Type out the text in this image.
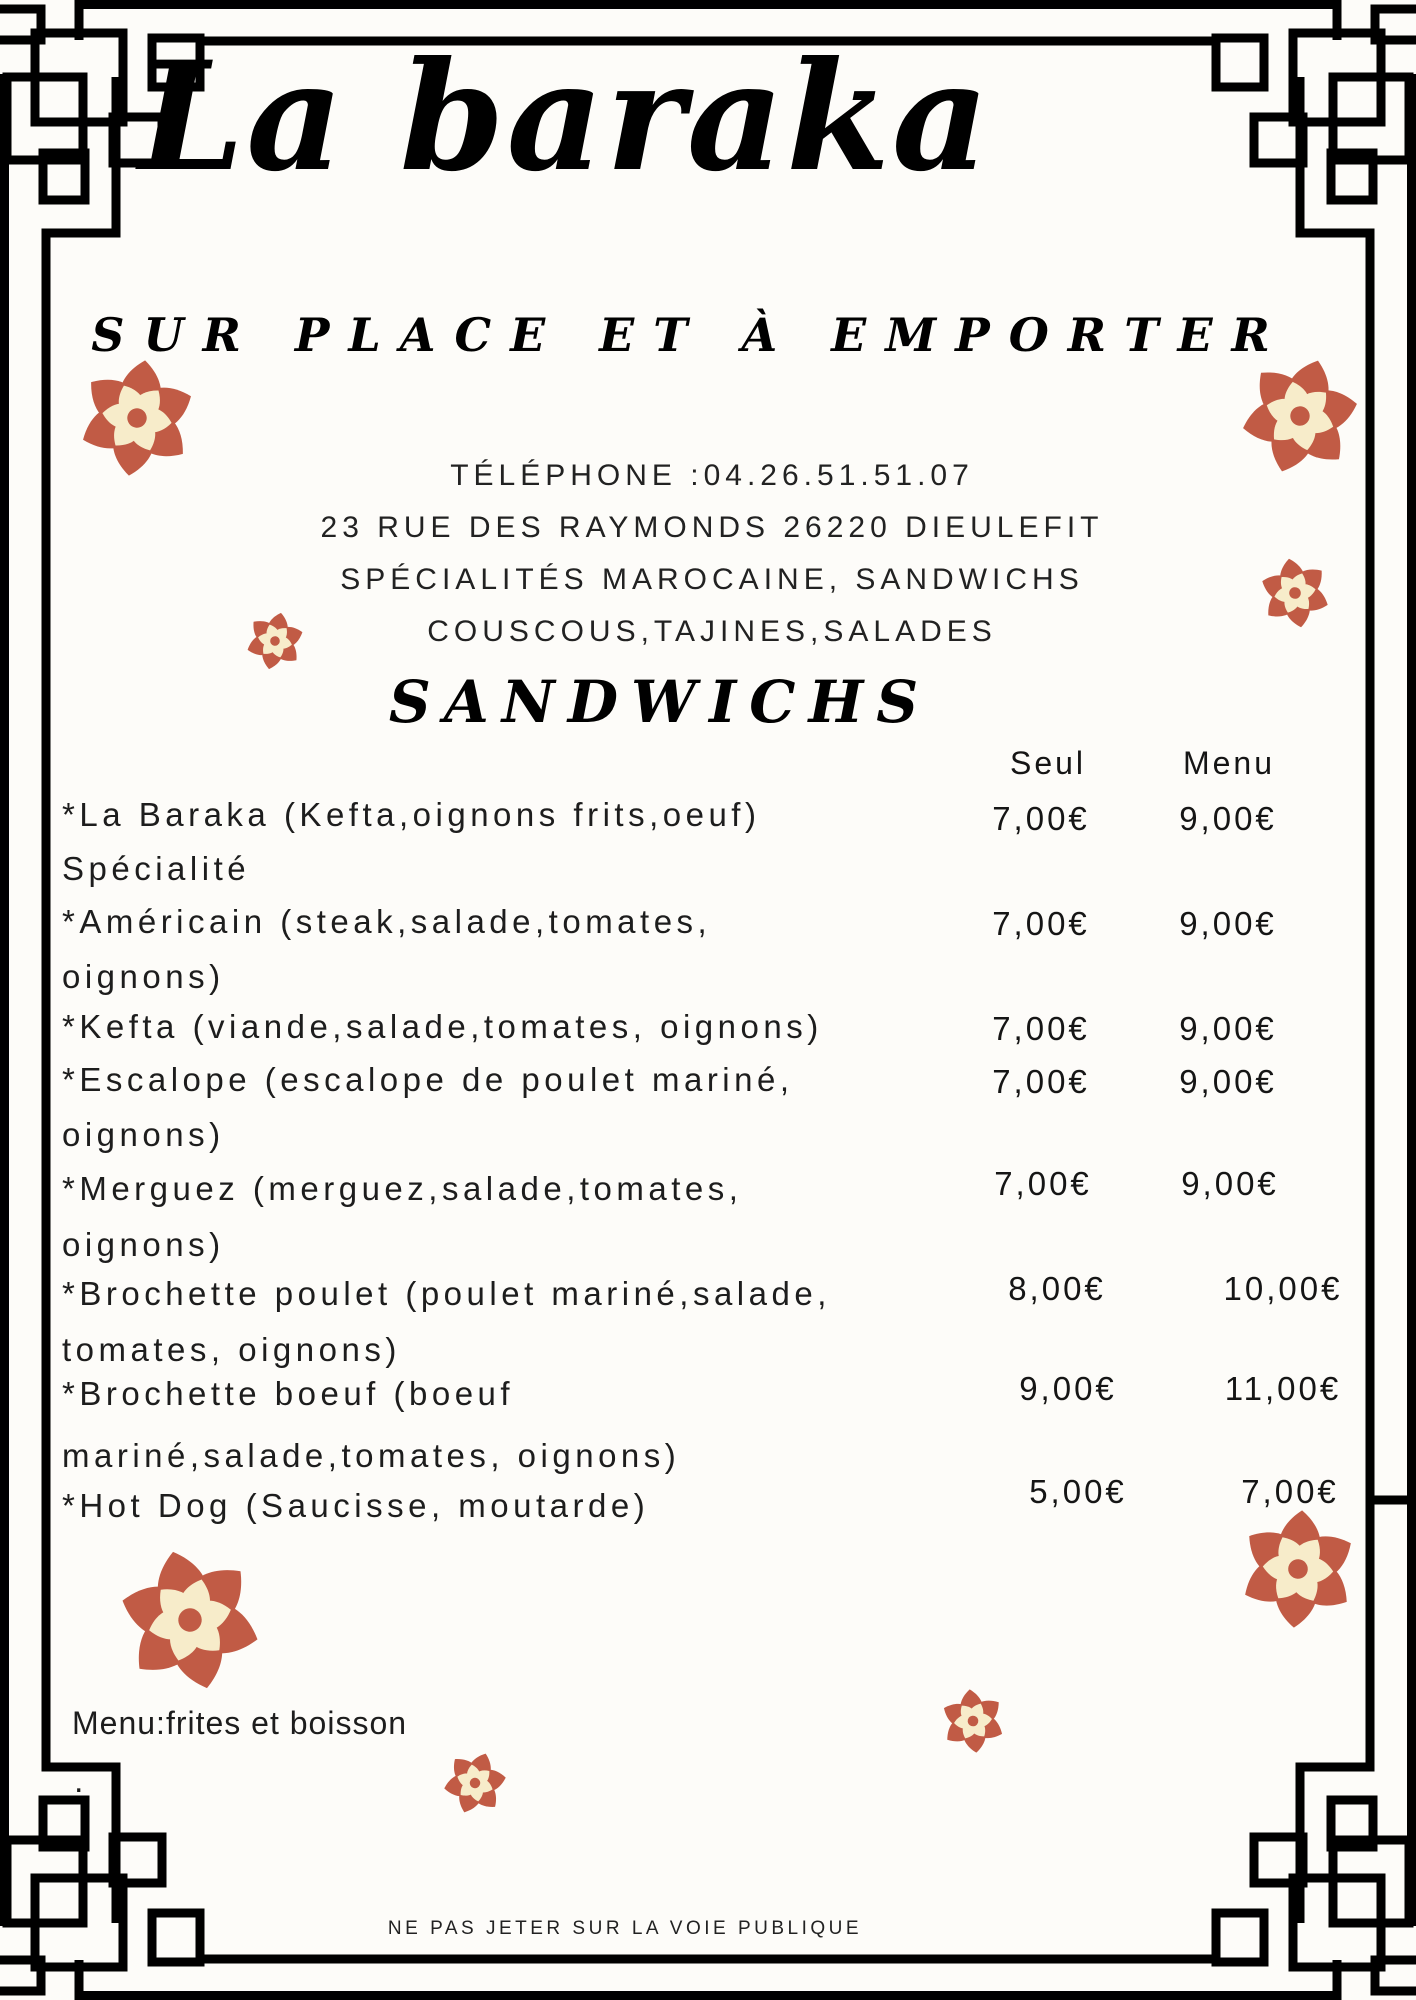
La baraka
SUR PLACE ET À EMPORTER
TÉLÉPHONE :04.26.51.51.07
23 RUE DES RAYMONDS 26220 DIEULEFIT
SPÉCIALITÉS MAROCAINE, SANDWICHS
COUSCOUS,TAJINES,SALADES
SANDWICHS
Seul	Menu
*La Baraka (Kefta,oignons frits,oeuf)
Spécialité
7,00€	9,00€
*Américain (steak,salade,tomates,
oignons)
7,00€	9,00€
*Kefta (viande,salade,tomates, oignons)	7,00€	9,00€
*Escalope (escalope de poulet mariné,
oignons)
7,00€	9,00€
*Merguez (merguez,salade,tomates,
oignons)
7,00€	9,00€
*Brochette poulet (poulet mariné,salade,
tomates, oignons)
8,00€	10,00€
*Brochette boeuf (boeuf
mariné,salade,tomates, oignons)
9,00€	11,00€
*Hot Dog (Saucisse, moutarde)	5,00€	7,00€
Menu:frites et boisson
.
NE PAS JETER SUR LA VOIE PUBLIQUE
